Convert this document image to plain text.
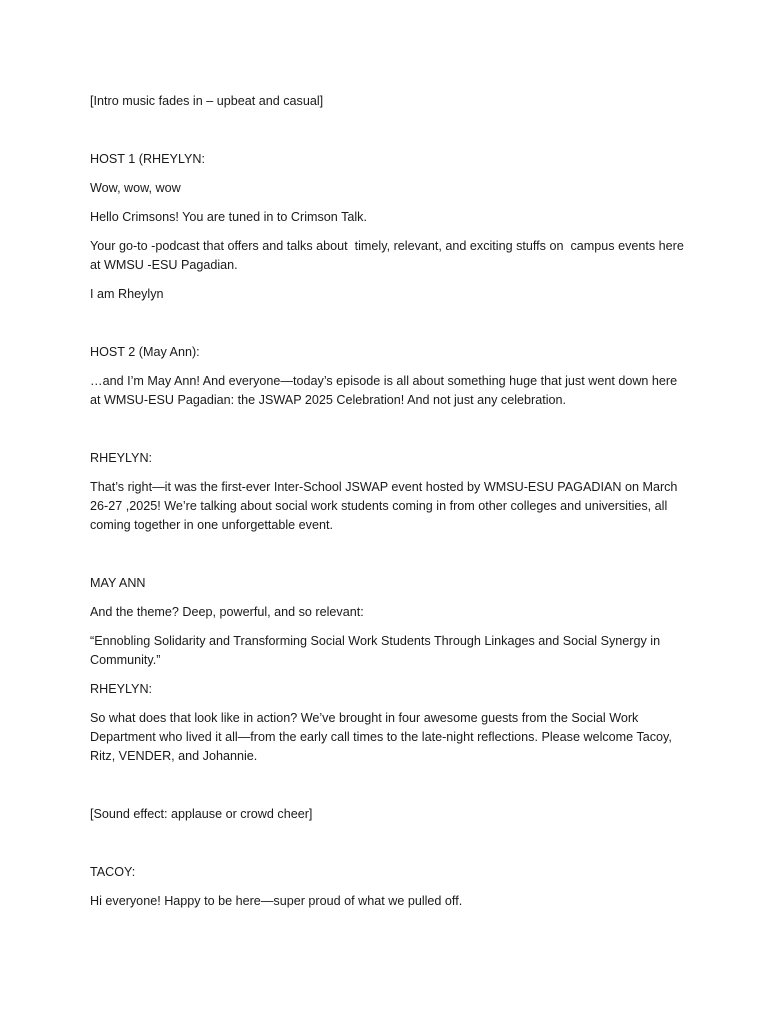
[Intro music fades in – upbeat and casual]

HOST 1 (RHEYLYN:

Wow, wow, wow

Hello Crimsons! You are tuned in to Crimson Talk.

Your go-to -podcast that offers and talks about  timely, relevant, and exciting stuffs on  campus events here at WMSU -ESU Pagadian.

I am Rheylyn

HOST 2 (May Ann):

…and I’m May Ann! And everyone—today’s episode is all about something huge that just went down here at WMSU-ESU Pagadian: the JSWAP 2025 Celebration! And not just any celebration.

RHEYLYN:

That’s right—it was the first-ever Inter-School JSWAP event hosted by WMSU-ESU PAGADIAN on March 26-27 ,2025! We’re talking about social work students coming in from other colleges and universities, all coming together in one unforgettable event.

MAY ANN

And the theme? Deep, powerful, and so relevant:

“Ennobling Solidarity and Transforming Social Work Students Through Linkages and Social Synergy in Community.”

RHEYLYN:

So what does that look like in action? We’ve brought in four awesome guests from the Social Work Department who lived it all—from the early call times to the late-night reflections. Please welcome Tacoy, Ritz, VENDER, and Johannie.

[Sound effect: applause or crowd cheer]

TACOY:

Hi everyone! Happy to be here—super proud of what we pulled off.
